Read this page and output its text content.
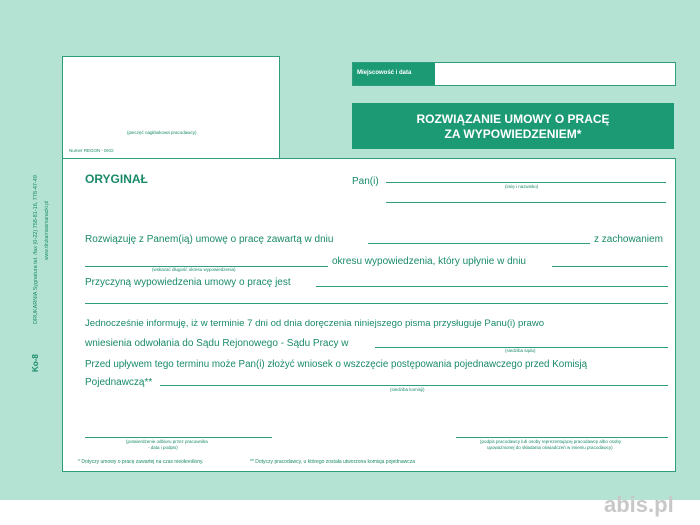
(pieczęć nagłówkowa pracodawcy)
Numer REGON - EKD
Miejscowość i data
ROZWIĄZANIE UMOWY O PRACĘ
ZA WYPOWIEDZENIEM*
Ko-8
DRUKARNIA Sygnatura tel. /fax (0-22) 758-81-16, 778-47-49 www.drukarniasmanacki.pl
ORYGINAŁ	Pan(i)	(imię i nazwisko)
Rozwiązuję z Panem(ią) umowę o pracę zawartą w dniu	z zachowaniem
(wskazać długość okresu wypowiedzenia)
okresu wypowiedzenia, który upłynie w dniu
Przyczyną wypowiedzenia umowy o pracę jest
Jednocześnie informuję, iż w terminie 7 dni od dnia doręczenia niniejszego pisma przysługuje Panu(i) prawo
wniesienia odwołania do Sądu Rejonowego - Sądu Pracy w
(siedziba sądu)
Przed upływem tego terminu może Pan(i) złożyć wniosek o wszczęcie postępowania pojednawczego przed Komisją
Pojednawczą**
(siedziba komisji)
(potwierdzenie odbioru przez pracownika
- data i podpis)
(podpis pracodawcy lub osoby reprezentującej pracodawcę albo osoby
upoważnionej do składania oświadczeń w imieniu pracodawcy)
* Dotyczy umowy o pracę zawartej na czas nieokreślony.	** Dotyczy pracodawcy, u którego została utworzona komisja pojednawcza
abis.pl
